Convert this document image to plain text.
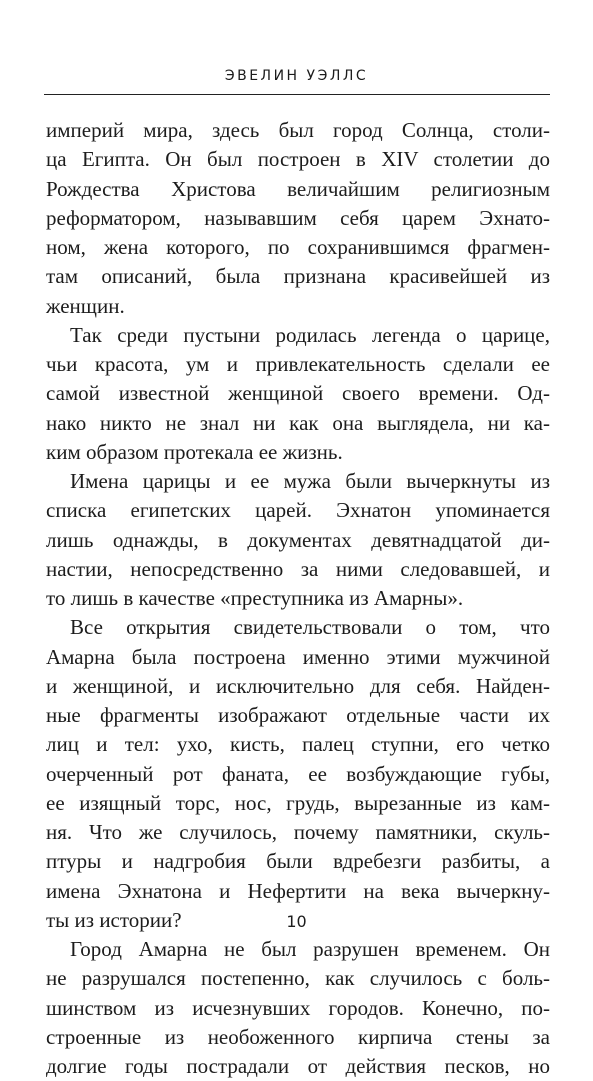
ЭВЕЛИН УЭЛЛС
империй мира, здесь был город Солнца, столи-
ца Египта. Он был построен в XIV столетии до
Рождества Христова величайшим религиозным
реформатором, называвшим себя царем Эхнато-
ном, жена которого, по сохранившимся фрагмен-
там описаний, была признана красивейшей из
женщин.
Так среди пустыни родилась легенда о царице,
чьи красота, ум и привлекательность сделали ее
самой известной женщиной своего времени. Од-
нако никто не знал ни как она выглядела, ни ка-
ким образом протекала ее жизнь.
Имена царицы и ее мужа были вычеркнуты из
списка египетских царей. Эхнатон упоминается
лишь однажды, в документах девятнадцатой ди-
настии, непосредственно за ними следовавшей, и
то лишь в качестве «преступника из Амарны».
Все открытия свидетельствовали о том, что
Амарна была построена именно этими мужчиной
и женщиной, и исключительно для себя. Найден-
ные фрагменты изображают отдельные части их
лиц и тел: ухо, кисть, палец ступни, его четко
очерченный рот фаната, ее возбуждающие губы,
ее изящный торс, нос, грудь, вырезанные из кам-
ня. Что же случилось, почему памятники, скуль-
птуры и надгробия были вдребезги разбиты, а
имена Эхнатона и Нефертити на века вычеркну-
ты из истории?
Город Амарна не был разрушен временем. Он
не разрушался постепенно, как случилось с боль-
шинством из исчезнувших городов. Конечно, по-
строенные из необоженного кирпича стены за
долгие годы пострадали от действия песков, но
10
